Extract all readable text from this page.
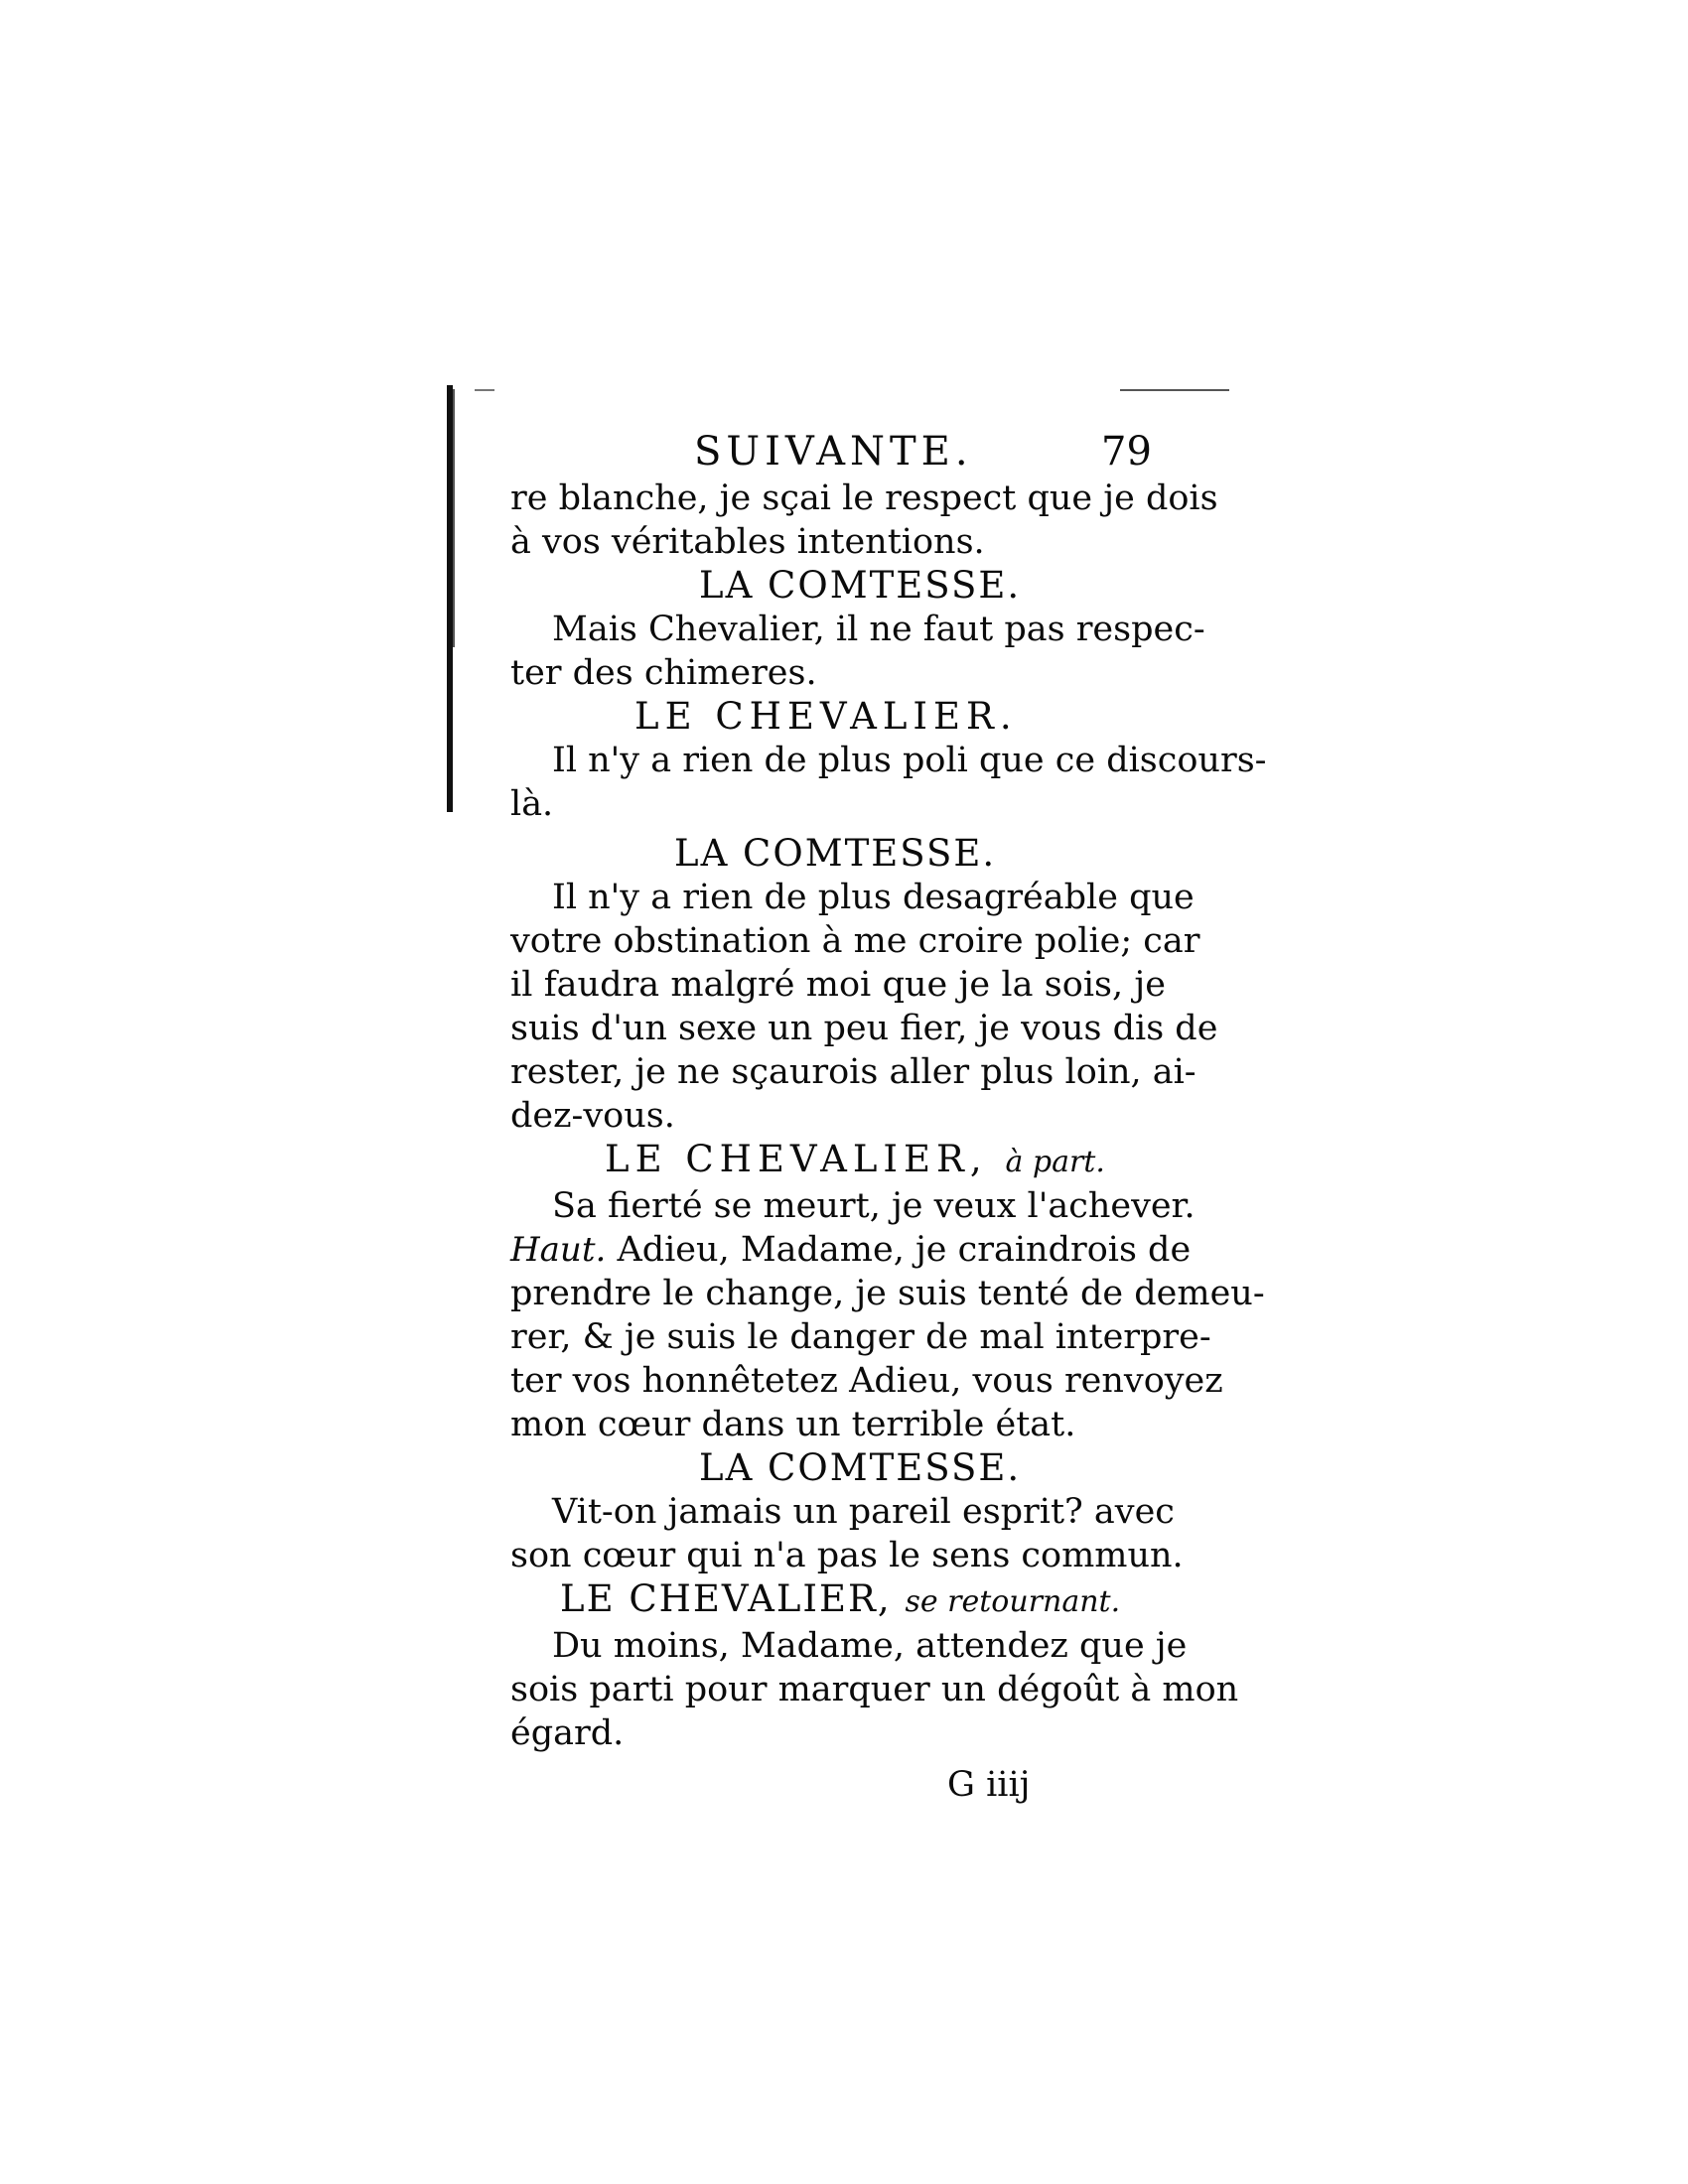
SUIVANTE.	79
re blanche, je sçai le respect que je dois
à vos véritables intentions.
LA COMTESSE.
Mais Chevalier, il ne faut pas respec-
ter des chimeres.
LE CHEVALIER.
Il n'y a rien de plus poli que ce discours-
là.
LA COMTESSE.
Il n'y a rien de plus desagréable que
votre obstination à me croire polie; car
il faudra malgré moi que je la sois, je
suis d'un sexe un peu fier, je vous dis de
rester, je ne sçaurois aller plus loin, ai-
dez-vous.
LE CHEVALIER, à part.
Sa fierté se meurt, je veux l'achever.
Haut. Adieu, Madame, je craindrois de
prendre le change, je suis tenté de demeu-
rer, & je suis le danger de mal interpre-
ter vos honnêtetez Adieu, vous renvoyez
mon cœur dans un terrible état.
LA COMTESSE.
Vit-on jamais un pareil esprit? avec
son cœur qui n'a pas le sens commun.
LE CHEVALIER, se retournant.
Du moins, Madame, attendez que je
sois parti pour marquer un dégoût à mon
égard.
G iiij
